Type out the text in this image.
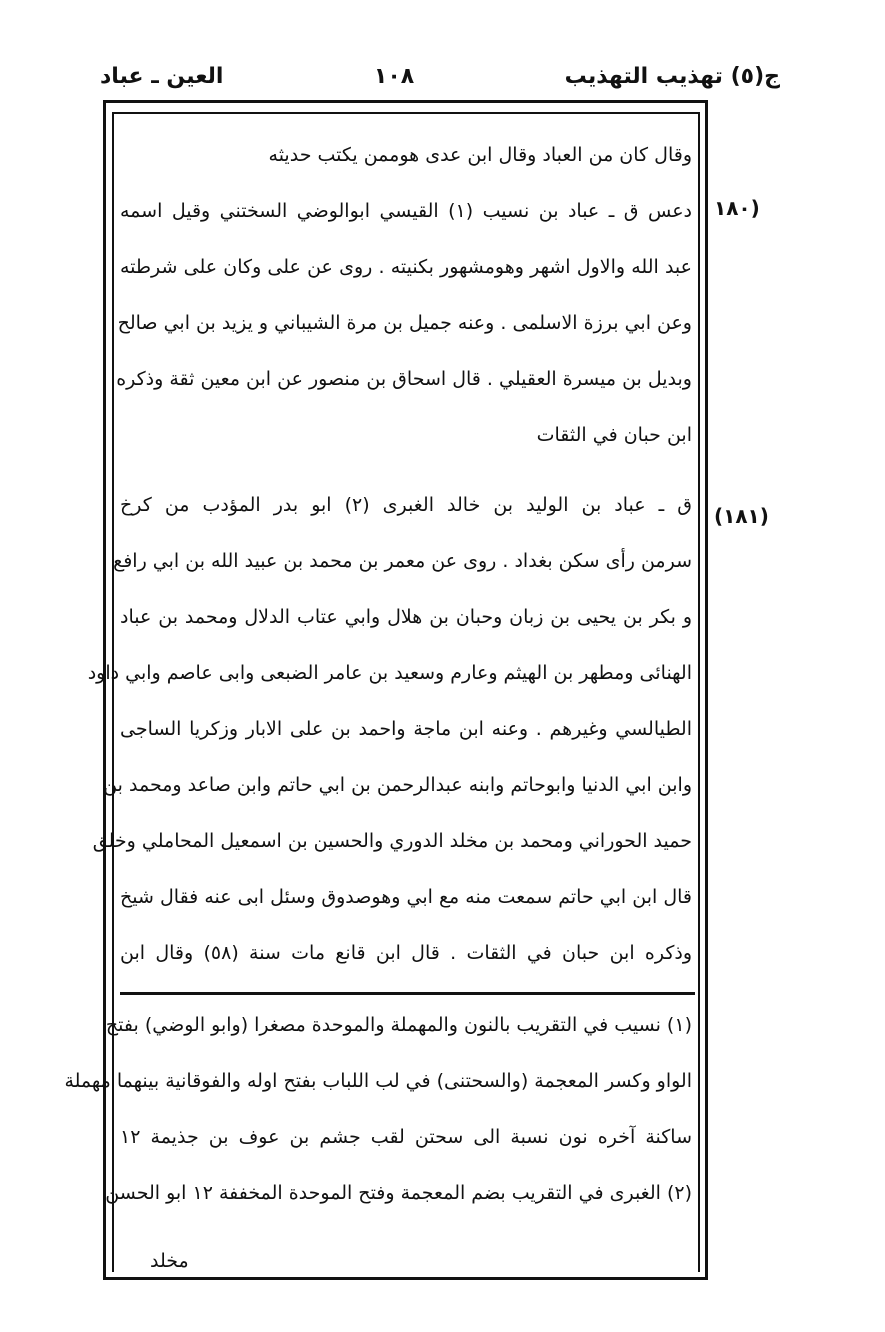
ج(٥) تهذيب التهذيب
١٠٨
العين ـ عباد
١٨٠)
(١٨١)
وقال كان من العباد وقال ابن عدى هوممن يكتب حديثه
دعس ق ـ عباد بن نسيب (١) القيسي ابوالوضي السختني وقيل اسمه
عبد الله والاول اشهر وهومشهور بكنيته . روى عن على وكان على شرطته
وعن ابي برزة الاسلمى . وعنه جميل بن مرة الشيباني و يزيد بن ابي صالح
وبديل بن ميسرة العقيلي . قال اسحاق بن منصور عن ابن معين ثقة وذكره
ابن حبان في الثقات
ق ـ عباد بن الوليد بن خالد الغبرى (٢) ابو بدر المؤدب من كرخ
سرمن رأى سكن بغداد . روى عن معمر بن محمد بن عبيد الله بن ابي رافع
و بكر بن يحيى بن زبان وحبان بن هلال وابي عتاب الدلال ومحمد بن عباد
الهنائى ومطهر بن الهيثم وعارم وسعيد بن عامر الضبعى وابى عاصم وابي داود
الطيالسي وغيرهم . وعنه ابن ماجة واحمد بن على الابار وزكريا الساجى
وابن ابي الدنيا وابوحاتم وابنه عبدالرحمن بن ابي حاتم وابن صاعد ومحمد بن
حميد الحوراني ومحمد بن مخلد الدوري والحسين بن اسمعيل المحاملي وخلق
قال ابن ابي حاتم سمعت منه مع ابي وهوصدوق وسئل ابى عنه فقال شيخ
وذكره ابن حبان في الثقات . قال ابن قانع مات سنة (٥٨) وقال ابن
(١) نسيب في التقريب بالنون والمهملة والموحدة مصغرا (وابو الوضي) بفتح
الواو وكسر المعجمة (والسحتنى) في لب اللباب بفتح اوله والفوقانية بينهما مهملة
ساكنة آخره نون نسبة الى سحتن لقب جشم بن عوف بن جذيمة ١٢
(٢) الغبرى في التقريب بضم المعجمة وفتح الموحدة المخففة ١٢ ابو الحسن
مخلد
